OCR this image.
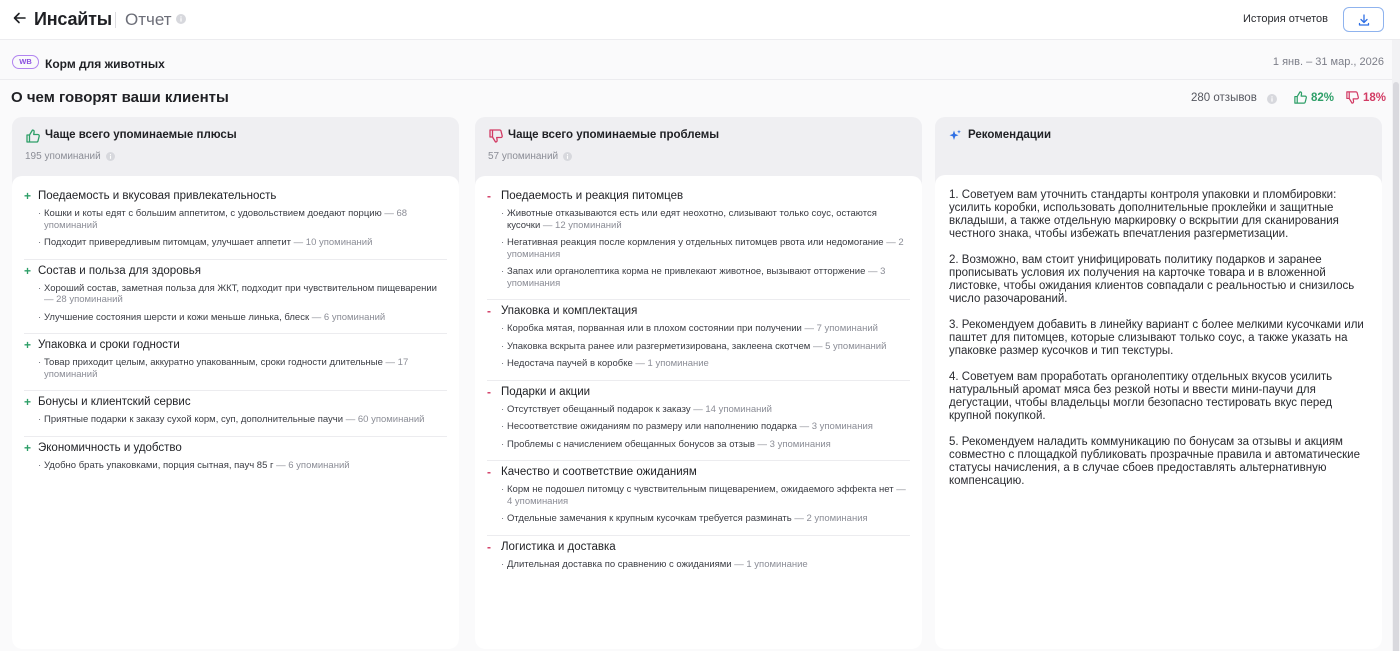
Инсайты Отчет	История отчетов
WB	Корм для животных	1 янв. – 31 мар., 2026
О чем говорят ваши клиенты	280 отзывов	82%	18%
Чаще всего упоминаемые плюсы
195 упоминаний
+ Поедаемость и вкусовая привлекательность
· Кошки и коты едят с большим аппетитом, с удовольствием доедают порцию — 68 упоминаний
· Подходит привередливым питомцам, улучшает аппетит — 10 упоминаний
+ Состав и польза для здоровья
· Хороший состав, заметная польза для ЖКТ, подходит при чувствительном пищеварении — 28 упоминаний
· Улучшение состояния шерсти и кожи меньше линька, блеск — 6 упоминаний
+ Упаковка и сроки годности
· Товар приходит целым, аккуратно упакованным, сроки годности длительные — 17 упоминаний
+ Бонусы и клиентский сервис
· Приятные подарки к заказу сухой корм, суп, дополнительные паучи — 60 упоминаний
+ Экономичность и удобство
· Удобно брать упаковками, порция сытная, пауч 85 г — 6 упоминаний
Чаще всего упоминаемые проблемы
57 упоминаний
- Поедаемость и реакция питомцев
· Животные отказываются есть или едят неохотно, слизывают только соус, остаются кусочки — 12 упоминаний
· Негативная реакция после кормления у отдельных питомцев рвота или недомогание — 2 упоминания
· Запах или органолептика корма не привлекают животное, вызывают отторжение — 3 упоминания
- Упаковка и комплектация
· Коробка мятая, порванная или в плохом состоянии при получении — 7 упоминаний
· Упаковка вскрыта ранее или разгерметизирована, заклеена скотчем — 5 упоминаний
· Недостача паучей в коробке — 1 упоминание
- Подарки и акции
· Отсутствует обещанный подарок к заказу — 14 упоминаний
· Несоответствие ожиданиям по размеру или наполнению подарка — 3 упоминания
· Проблемы с начислением обещанных бонусов за отзыв — 3 упоминания
- Качество и соответствие ожиданиям
· Корм не подошел питомцу с чувствительным пищеварением, ожидаемого эффекта нет — 4 упоминания
· Отдельные замечания к крупным кусочкам требуется разминать — 2 упоминания
- Логистика и доставка
· Длительная доставка по сравнению с ожиданиями — 1 упоминание
Рекомендации

1. Советуем вам уточнить стандарты контроля упаковки и пломбировки: усилить коробки, использовать дополнительные проклейки и защитные вкладыши, а также отдельную маркировку о вскрытии для сканирования честного знака, чтобы избежать впечатления разгерметизации.

2. Возможно, вам стоит унифицировать политику подарков и заранее прописывать условия их получения на карточке товара и в вложенной листовке, чтобы ожидания клиентов совпадали с реальностью и снизилось число разочарований.

3. Рекомендуем добавить в линейку вариант с более мелкими кусочками или паштет для питомцев, которые слизывают только соус, а также указать на упаковке размер кусочков и тип текстуры.

4. Советуем вам проработать органолептику отдельных вкусов усилить натуральный аромат мяса без резкой ноты и ввести мини-паучи для дегустации, чтобы владельцы могли безопасно тестировать вкус перед крупной покупкой.

5. Рекомендуем наладить коммуникацию по бонусам за отзывы и акциям совместно с площадкой публиковать прозрачные правила и автоматические статусы начисления, а в случае сбоев предоставлять альтернативную компенсацию.
